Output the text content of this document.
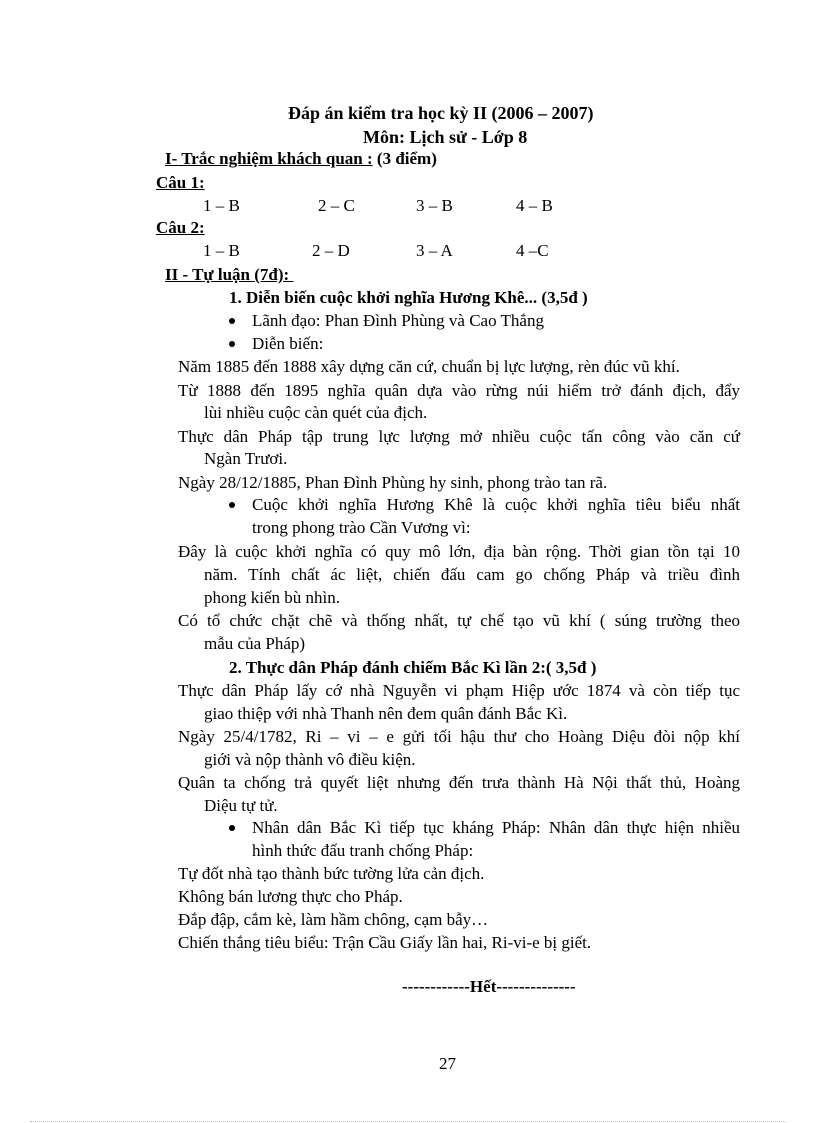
Đáp án kiểm tra học kỳ II (2006 – 2007)
Môn: Lịch sử - Lớp 8
I- Trắc nghiệm khách quan : (3 điểm)
Câu 1:
1 – B	2 – C	3 – B	4 – B
Câu 2:
1 – B	2 – D	3 – A	4 –C
II - Tự luận (7đ):
1. Diễn biến cuộc khởi nghĩa Hương Khê... (3,5đ )
Lãnh đạo: Phan Đình Phùng và Cao Thắng
Diễn biến:
Năm 1885 đến 1888 xây dựng căn cứ, chuẩn bị lực lượng, rèn đúc vũ khí.
Từ 1888 đến 1895 nghĩa quân dựa vào rừng núi hiểm trở đánh địch, đẩy
lùi nhiều cuộc càn quét của địch.
Thực dân Pháp tập trung lực lượng mở nhiều cuộc tấn công vào căn cứ
Ngàn Trươi.
Ngày 28/12/1885, Phan Đình Phùng hy sinh, phong trào tan rã.
Cuộc khởi nghĩa Hương Khê là cuộc khởi nghĩa tiêu biểu nhất
trong phong trào Cần Vương vì:
Đây là cuộc khởi nghĩa có quy mô lớn, địa bàn rộng. Thời gian tồn tại 10
năm. Tính chất ác liệt, chiến đấu cam go chống Pháp và triều đình
phong kiến bù nhìn.
Có tổ chức chặt chẽ và thống nhất, tự chế tạo vũ khí ( súng trường theo
mẫu của Pháp)
2. Thực dân Pháp đánh chiếm Bắc Kì lần 2:( 3,5đ )
Thực dân Pháp lấy cớ nhà Nguyễn vi phạm Hiệp ước 1874 và còn tiếp tục
giao thiệp với nhà Thanh nên đem quân đánh Bắc Kì.
Ngày 25/4/1782, Ri – vi – e gửi tối hậu thư cho Hoàng Diệu đòi nộp khí
giới và nộp thành vô điều kiện.
Quân ta chống trả quyết liệt nhưng đến trưa thành Hà Nội thất thủ, Hoàng
Diệu tự tử.
Nhân dân Bắc Kì tiếp tục kháng Pháp: Nhân dân thực hiện nhiều
hình thức đấu tranh chống Pháp:
Tự đốt nhà tạo thành bức tường lửa cản địch.
Không bán lương thực cho Pháp.
Đắp đập, cắm kè, làm hầm chông, cạm bẫy…
Chiến thắng tiêu biểu: Trận Cầu Giấy lần hai, Ri-vi-e bị giết.
------------Hết--------------
27
